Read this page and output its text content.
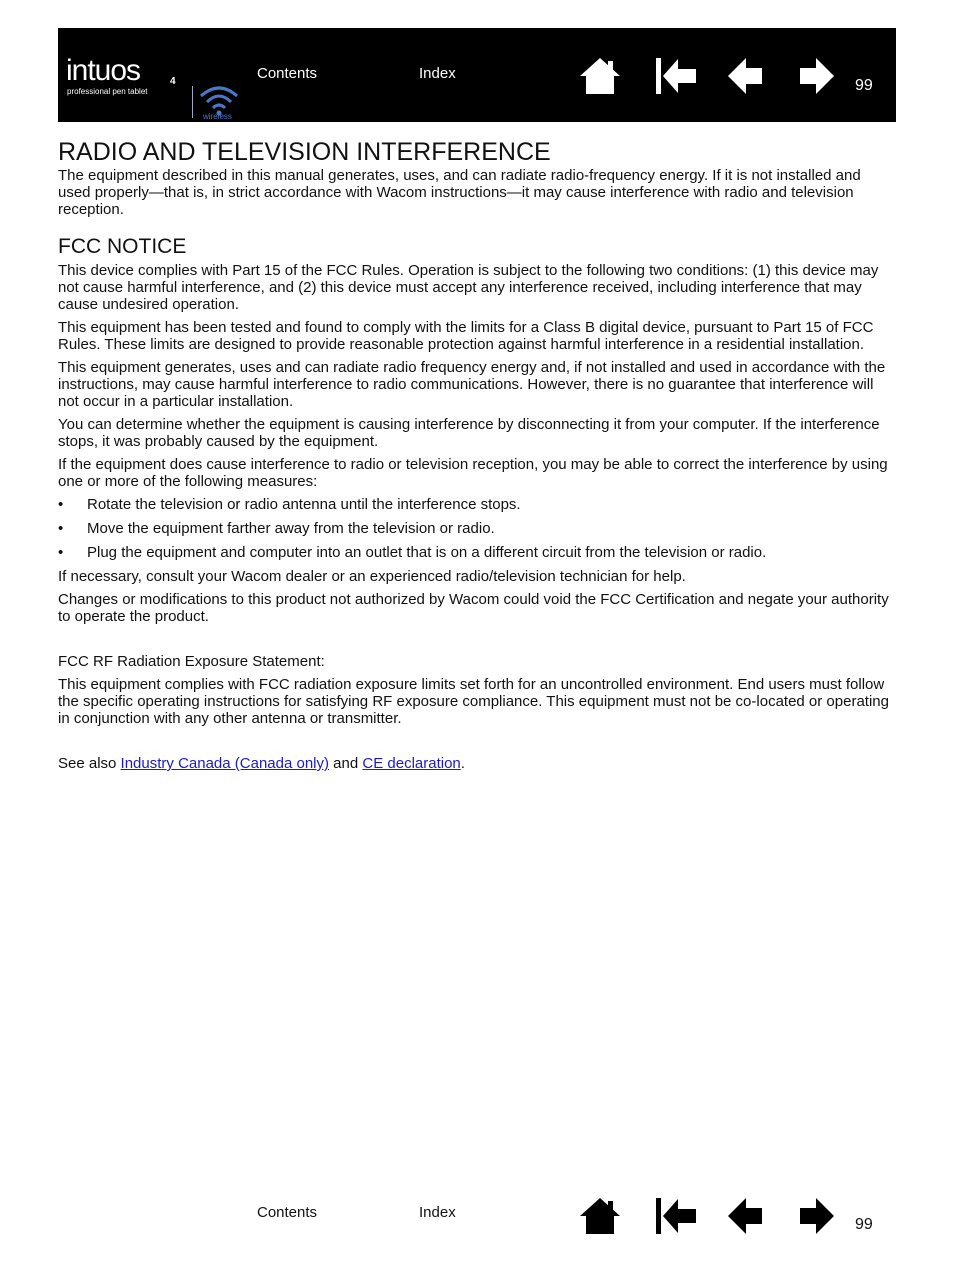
intuos	4
professional pen tablet
wireless
Contents	Index
99
RADIO AND TELEVISION INTERFERENCE

The equipment described in this manual generates, uses, and can radiate radio-frequency energy. If it is not installed and used properly—that is, in strict accordance with Wacom instructions—it may cause interference with radio and television reception.

FCC NOTICE

This device complies with Part 15 of the FCC Rules. Operation is subject to the following two conditions: (1) this device may not cause harmful interference, and (2) this device must accept any interference received, including interference that may cause undesired operation.

This equipment has been tested and found to comply with the limits for a Class B digital device, pursuant to Part 15 of FCC Rules. These limits are designed to provide reasonable protection against harmful interference in a residential installation.

This equipment generates, uses and can radiate radio frequency energy and, if not installed and used in accordance with the instructions, may cause harmful interference to radio communications. However, there is no guarantee that interference will not occur in a particular installation.

You can determine whether the equipment is causing interference by disconnecting it from your computer. If the interference stops, it was probably caused by the equipment.

If the equipment does cause interference to radio or television reception, you may be able to correct the interference by using one or more of the following measures:

• Rotate the television or radio antenna until the interference stops.
• Move the equipment farther away from the television or radio.
• Plug the equipment and computer into an outlet that is on a different circuit from the television or radio.

If necessary, consult your Wacom dealer or an experienced radio/television technician for help.

Changes or modifications to this product not authorized by Wacom could void the FCC Certification and negate your authority to operate the product.

FCC RF Radiation Exposure Statement:

This equipment complies with FCC radiation exposure limits set forth for an uncontrolled environment. End users must follow the specific operating instructions for satisfying RF exposure compliance. This equipment must not be co-located or operating in conjunction with any other antenna or transmitter.

See also Industry Canada (Canada only) and CE declaration.

Contents	Index
99
